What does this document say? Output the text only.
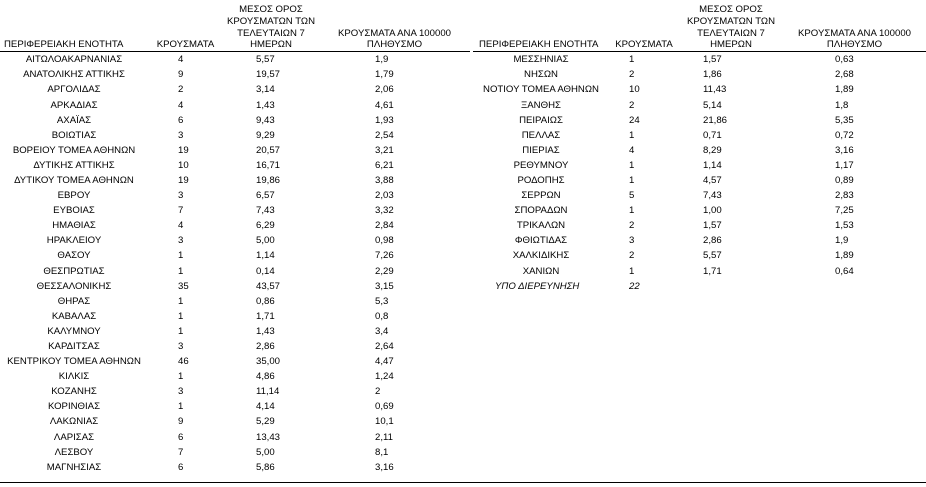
ΠΕΡΙΦΕΡΕΙΑΚΗ ΕΝΟΤΗΤΑ	ΚΡΟΥΣΜΑΤΑ	ΜΕΣΟΣ ΟΡΟΣ ΚΡΟΥΣΜΑΤΩΝ ΤΩΝ ΤΕΛΕΥΤΑΙΩΝ 7 ΗΜΕΡΩΝ	ΚΡΟΥΣΜΑΤΑ ΑΝΑ 100000 ΠΛΗΘΥΣΜΟ
ΑΙΤΩΛΟΑΚΑΡΝΑΝΙΑΣ	4	5,57	1,9
ΑΝΑΤΟΛΙΚΗΣ ΑΤΤΙΚΗΣ	9	19,57	1,79
ΑΡΓΟΛΙΔΑΣ	2	3,14	2,06
ΑΡΚΑΔΙΑΣ	4	1,43	4,61
ΑΧΑΪΑΣ	6	9,43	1,93
ΒΟΙΩΤΙΑΣ	3	9,29	2,54
ΒΟΡΕΙΟΥ ΤΟΜΕΑ ΑΘΗΝΩΝ	19	20,57	3,21
ΔΥΤΙΚΗΣ ΑΤΤΙΚΗΣ	10	16,71	6,21
ΔΥΤΙΚΟΥ ΤΟΜΕΑ ΑΘΗΝΩΝ	19	19,86	3,88
ΕΒΡΟΥ	3	6,57	2,03
ΕΥΒΟΙΑΣ	7	7,43	3,32
ΗΜΑΘΙΑΣ	4	6,29	2,84
ΗΡΑΚΛΕΙΟΥ	3	5,00	0,98
ΘΑΣΟΥ	1	1,14	7,26
ΘΕΣΠΡΩΤΙΑΣ	1	0,14	2,29
ΘΕΣΣΑΛΟΝΙΚΗΣ	35	43,57	3,15
ΘΗΡΑΣ	1	0,86	5,3
ΚΑΒΑΛΑΣ	1	1,71	0,8
ΚΑΛΥΜΝΟΥ	1	1,43	3,4
ΚΑΡΔΙΤΣΑΣ	3	2,86	2,64
ΚΕΝΤΡΙΚΟΥ ΤΟΜΕΑ ΑΘΗΝΩΝ	46	35,00	4,47
ΚΙΛΚΙΣ	1	4,86	1,24
ΚΟΖΑΝΗΣ	3	11,14	2
ΚΟΡΙΝΘΙΑΣ	1	4,14	0,69
ΛΑΚΩΝΙΑΣ	9	5,29	10,1
ΛΑΡΙΣΑΣ	6	13,43	2,11
ΛΕΣΒΟΥ	7	5,00	8,1
ΜΑΓΝΗΣΙΑΣ	6	5,86	3,16
ΠΕΡΙΦΕΡΕΙΑΚΗ ΕΝΟΤΗΤΑ	ΚΡΟΥΣΜΑΤΑ	ΜΕΣΟΣ ΟΡΟΣ ΚΡΟΥΣΜΑΤΩΝ ΤΩΝ ΤΕΛΕΥΤΑΙΩΝ 7 ΗΜΕΡΩΝ	ΚΡΟΥΣΜΑΤΑ ΑΝΑ 100000 ΠΛΗΘΥΣΜΟ
ΜΕΣΣΗΝΙΑΣ	1	1,57	0,63
ΝΗΣΩΝ	2	1,86	2,68
ΝΟΤΙΟΥ ΤΟΜΕΑ ΑΘΗΝΩΝ	10	11,43	1,89
ΞΑΝΘΗΣ	2	5,14	1,8
ΠΕΙΡΑΙΩΣ	24	21,86	5,35
ΠΕΛΛΑΣ	1	0,71	0,72
ΠΙΕΡΙΑΣ	4	8,29	3,16
ΡΕΘΥΜΝΟΥ	1	1,14	1,17
ΡΟΔΟΠΗΣ	1	4,57	0,89
ΣΕΡΡΩΝ	5	7,43	2,83
ΣΠΟΡΑΔΩΝ	1	1,00	7,25
ΤΡΙΚΑΛΩΝ	2	1,57	1,53
ΦΘΙΩΤΙΔΑΣ	3	2,86	1,9
ΧΑΛΚΙΔΙΚΗΣ	2	5,57	1,89
ΧΑΝΙΩΝ	1	1,71	0,64
ΥΠΟ ΔΙΕΡΕΥΝΗΣΗ	22		
